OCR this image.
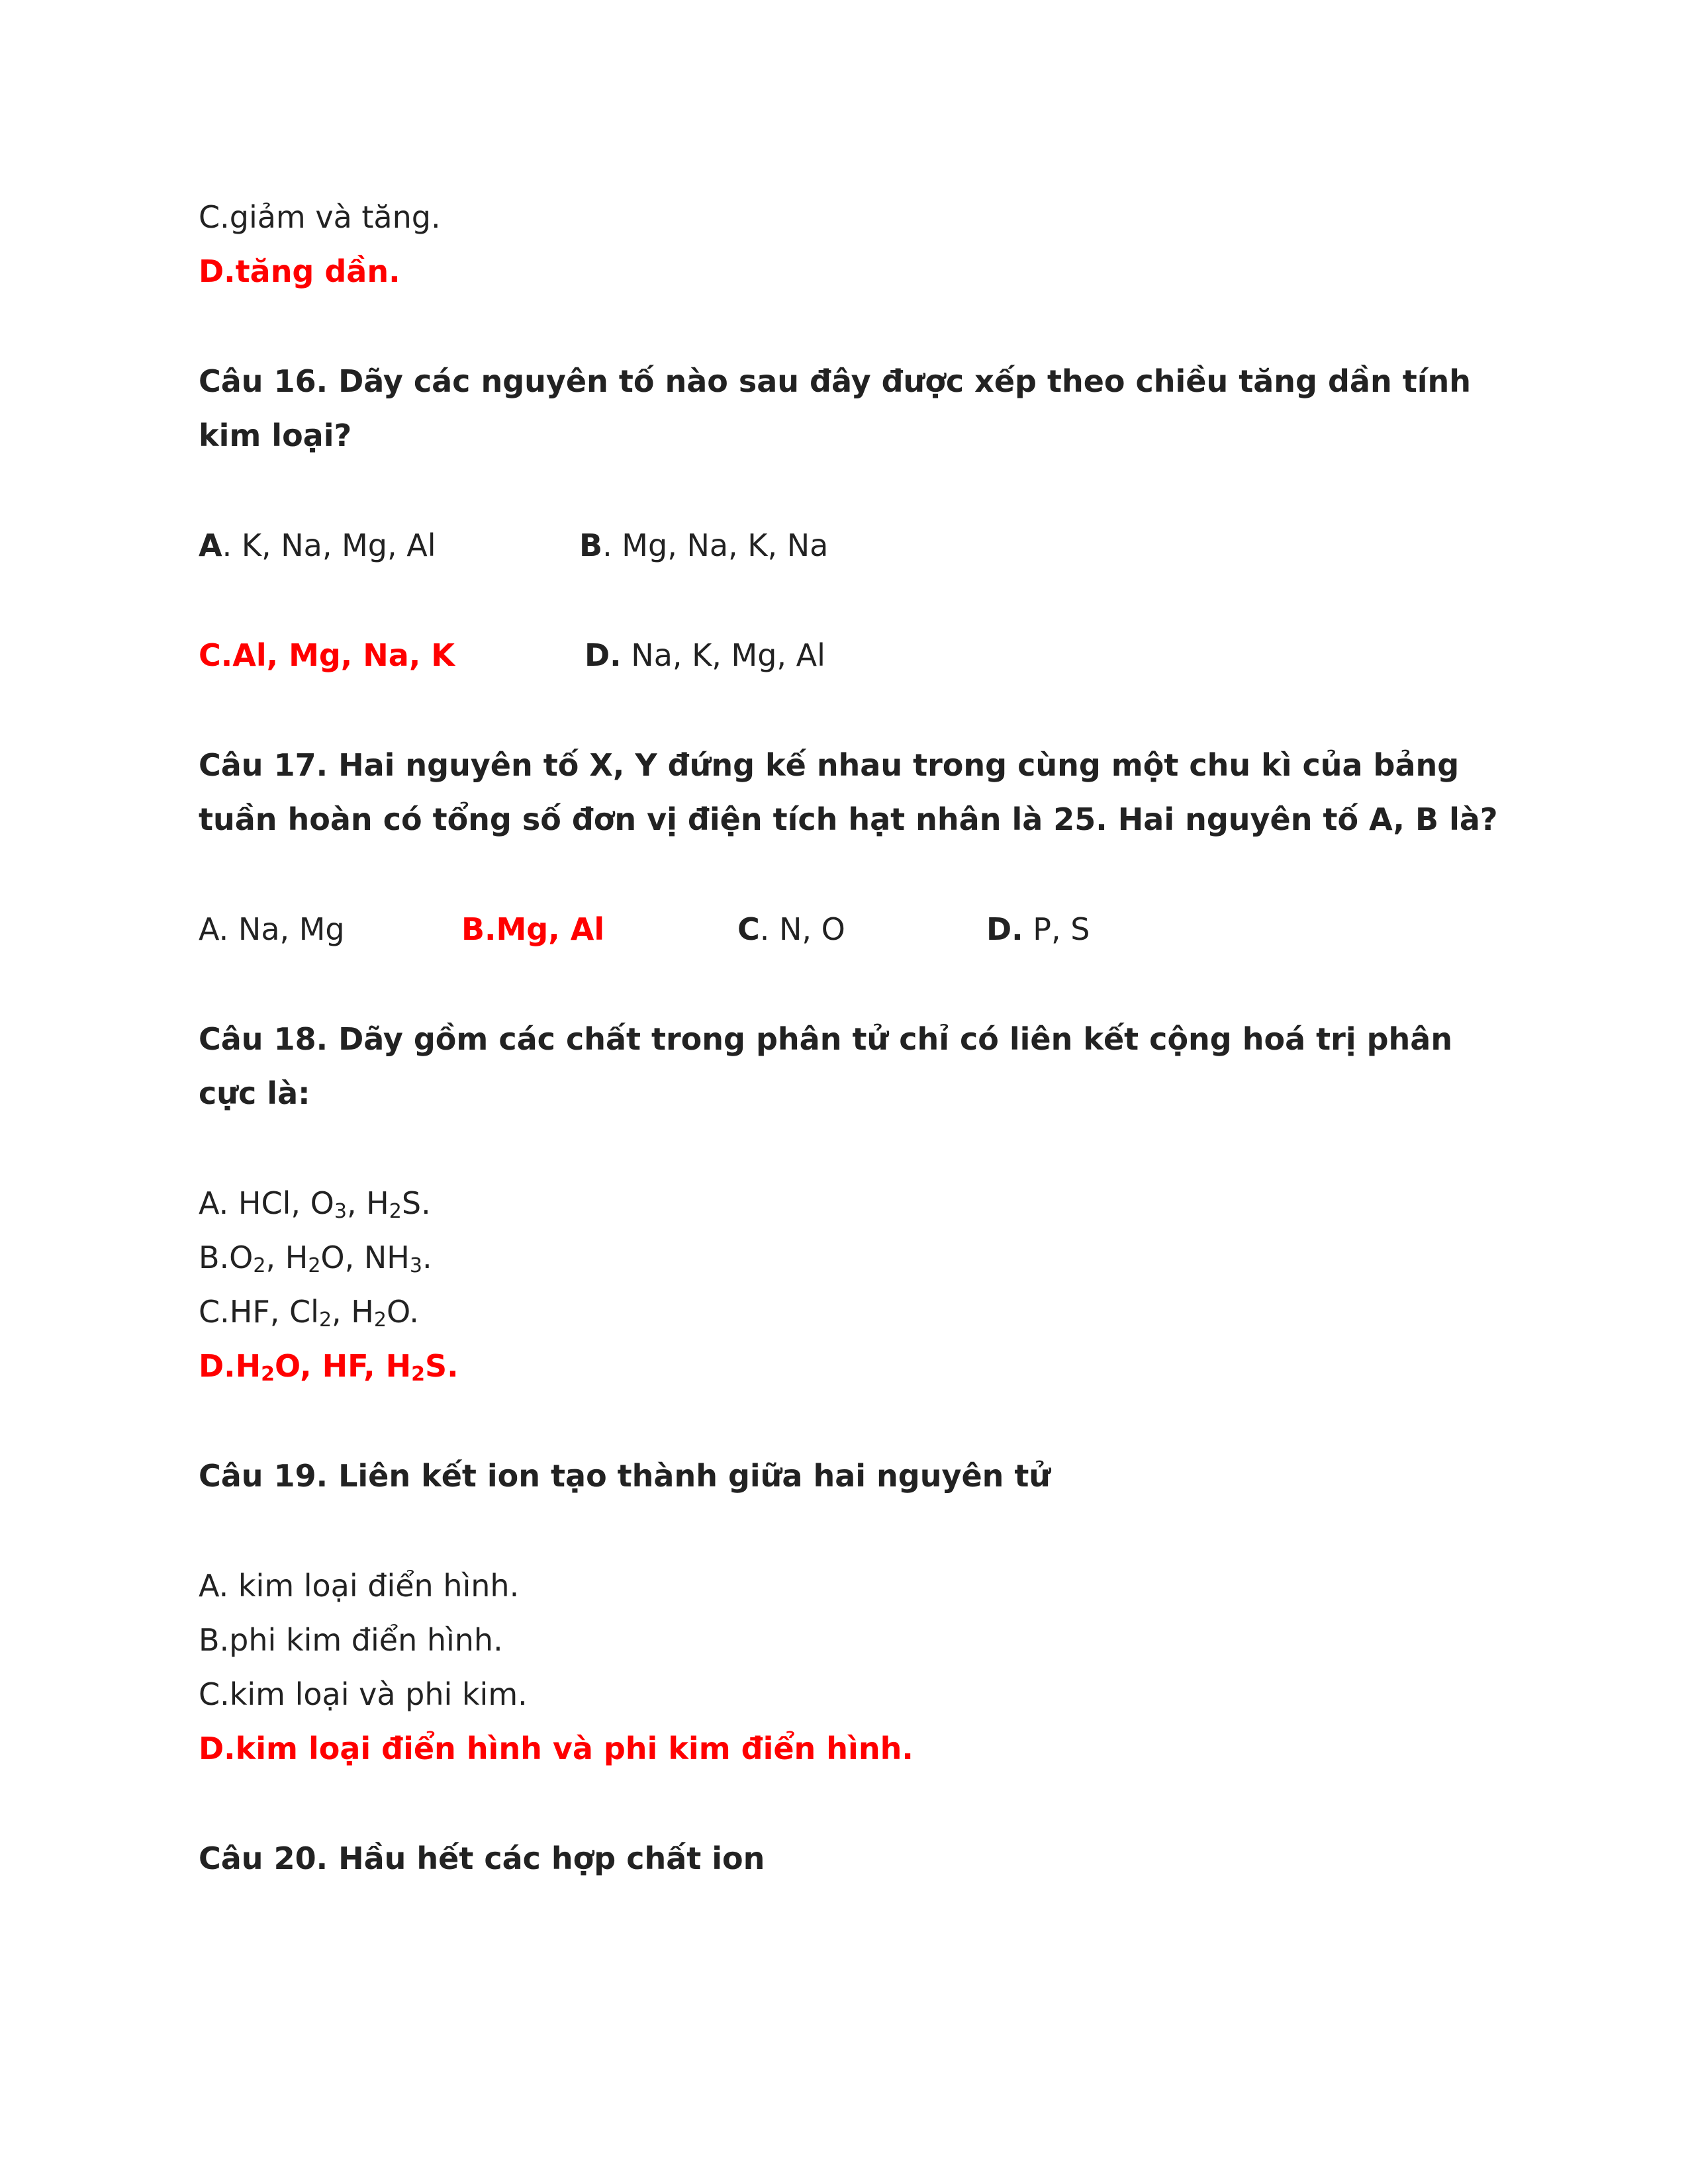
C.giảm và tăng.
D.tăng dần.
Câu 16. Dãy các nguyên tố nào sau đây được xếp theo chiều tăng dần tính
kim loại?
A. K, Na, Mg, Al	B. Mg, Na, K, Na
C.Al, Mg, Na, K	D. Na, K, Mg, Al
Câu 17. Hai nguyên tố X, Y đứng kế nhau trong cùng một chu kì của bảng
tuần hoàn có tổng số đơn vị điện tích hạt nhân là 25. Hai nguyên tố A, B là?
A. Na, Mg	B.Mg, Al	C. N, O	D. P, S
Câu 18. Dãy gồm các chất trong phân tử chỉ có liên kết cộng hoá trị phân
cực là:
A. HCl, $O_3$, $H_2S$.
$B.O_2$, $H_2O$, $NH_3$.
C.HF, $Cl_2$, $H_2O$.
$D.H_2O$, HF, $H_2S$.
Câu 19. Liên kết ion tạo thành giữa hai nguyên tử
A. kim loại điển hình.
B.phi kim điển hình.
C.kim loại và phi kim.
D.kim loại điển hình và phi kim điển hình.
Câu 20. Hầu hết các hợp chất ion
